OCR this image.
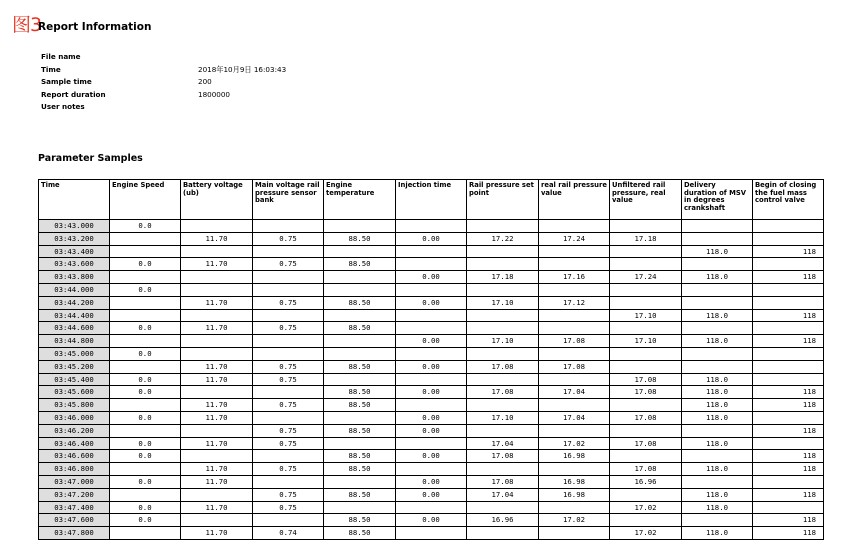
图3
Report Information
File name
Time	2018年10月9日 16:03:43
Sample time	200
Report duration	1800000
User notes
Parameter Samples
Time	Engine Speed	Battery voltage (ub)	Main voltage rail pressure sensor bank	Engine temperature	Injection time	Rail pressure set point	real rail pressure value	Unfiltered rail pressure, real value	Delivery duration of MSV in degrees crankshaft	Begin of closing the fuel mass control valve
03:43.000	0.0									
03:43.200		11.70	0.75	88.50	0.00	17.22	17.24	17.18		
03:43.400									118.0	118
03:43.600	0.0	11.70	0.75	88.50						
03:43.800					0.00	17.18	17.16	17.24	118.0	118
03:44.000	0.0									
03:44.200		11.70	0.75	88.50	0.00	17.10	17.12			
03:44.400								17.10	118.0	118
03:44.600	0.0	11.70	0.75	88.50						
03:44.800					0.00	17.10	17.08	17.10	118.0	118
03:45.000	0.0									
03:45.200		11.70	0.75	88.50	0.00	17.08	17.08			
03:45.400	0.0	11.70	0.75					17.08	118.0	
03:45.600	0.0			88.50	0.00	17.08	17.04	17.08	118.0	118
03:45.800		11.70	0.75	88.50					118.0	118
03:46.000	0.0	11.70			0.00	17.10	17.04	17.08	118.0	
03:46.200			0.75	88.50	0.00					118
03:46.400	0.0	11.70	0.75			17.04	17.02	17.08	118.0	
03:46.600	0.0			88.50	0.00	17.08	16.98			118
03:46.800		11.70	0.75	88.50				17.08	118.0	118
03:47.000	0.0	11.70			0.00	17.08	16.98	16.96		
03:47.200			0.75	88.50	0.00	17.04	16.98		118.0	118
03:47.400	0.0	11.70	0.75					17.02	118.0	
03:47.600	0.0			88.50	0.00	16.96	17.02			118
03:47.800		11.70	0.74	88.50				17.02	118.0	118
